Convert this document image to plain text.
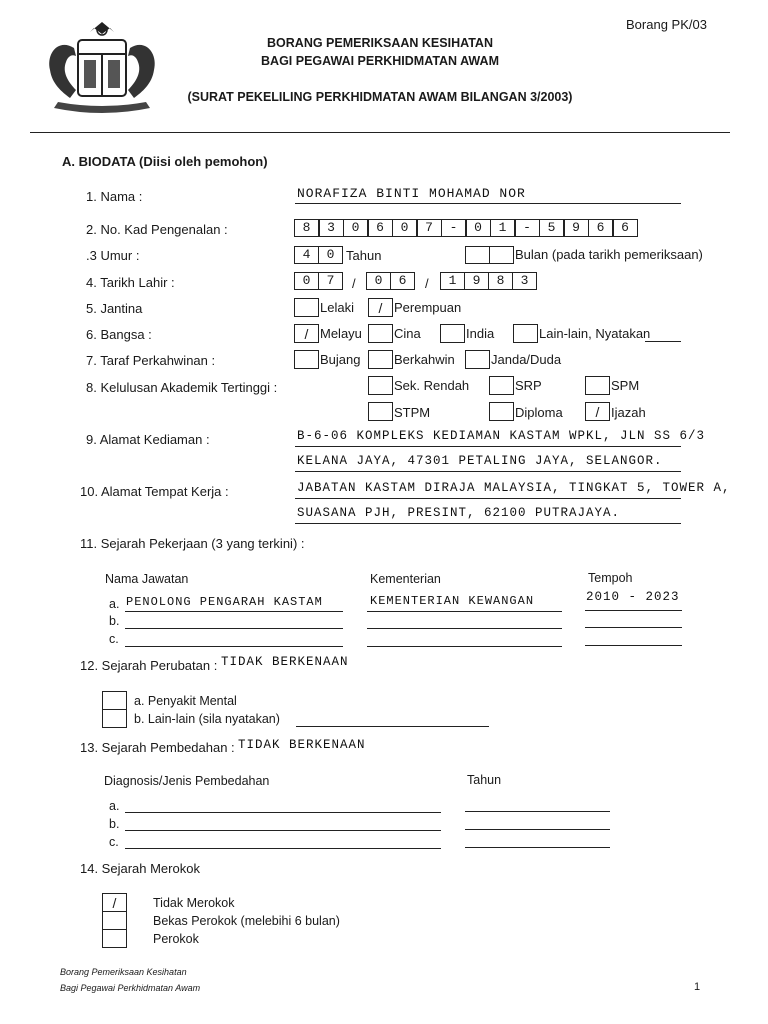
Borang PK/03
BORANG PEMERIKSAAN KESIHATAN
BAGI PEGAWAI PERKHIDMATAN AWAM
(SURAT PEKELILING PERKHIDMATAN AWAM BILANGAN 3/2003)
A. BIODATA (Diisi oleh pemohon)
1. Nama :	NORAFIZA BINTI MOHAMAD NOR
2. No. Kad Pengenalan :	8	3	0	6	0	7	-	0	1	-	5	9	6	6
.3 Umur :	4	0 Tahun	Bulan (pada tarikh pemeriksaan)
4. Tarikh Lahir :	0	7	/	0	6	/	1	9	8	3
5. Jantina	Lelaki	/ Perempuan
6. Bangsa :	/ Melayu Cina	India	Lain-lain, Nyatakan
7. Taraf Perkahwinan :	Bujang	Berkahwin	Janda/Duda
8. Kelulusan Akademik Tertinggi :	Sek. Rendah	SRP	SPM
STPM	Diploma	/ Ijazah
9. Alamat Kediaman :	B-6-06 KOMPLEKS KEDIAMAN KASTAM WPKL, JLN SS 6/3
KELANA JAYA, 47301 PETALING JAYA, SELANGOR.
10. Alamat Tempat Kerja :	JABATAN KASTAM DIRAJA MALAYSIA, TINGKAT 5, TOWER A,
SUASANA PJH, PRESINT, 62100 PUTRAJAYA.
11. Sejarah Pekerjaan (3 yang terkini) :
Nama Jawatan	Kementerian	Tempoh
a. PENOLONG PENGARAH KASTAM	KEMENTERIAN KEWANGAN	2010 - 2023
b.
c.
12. Sejarah Perubatan : TIDAK BERKENAAN
a. Penyakit Mental
b. Lain-lain (sila nyatakan)
13. Sejarah Pembedahan : TIDAK BERKENAAN
Diagnosis/Jenis Pembedahan	Tahun
a.
b.
c.
14. Sejarah Merokok
/	Tidak Merokok
Bekas Perokok (melebihi 6 bulan)
Perokok
Borang Pemeriksaan Kesihatan
Bagi Pegawai Perkhidmatan Awam	1
